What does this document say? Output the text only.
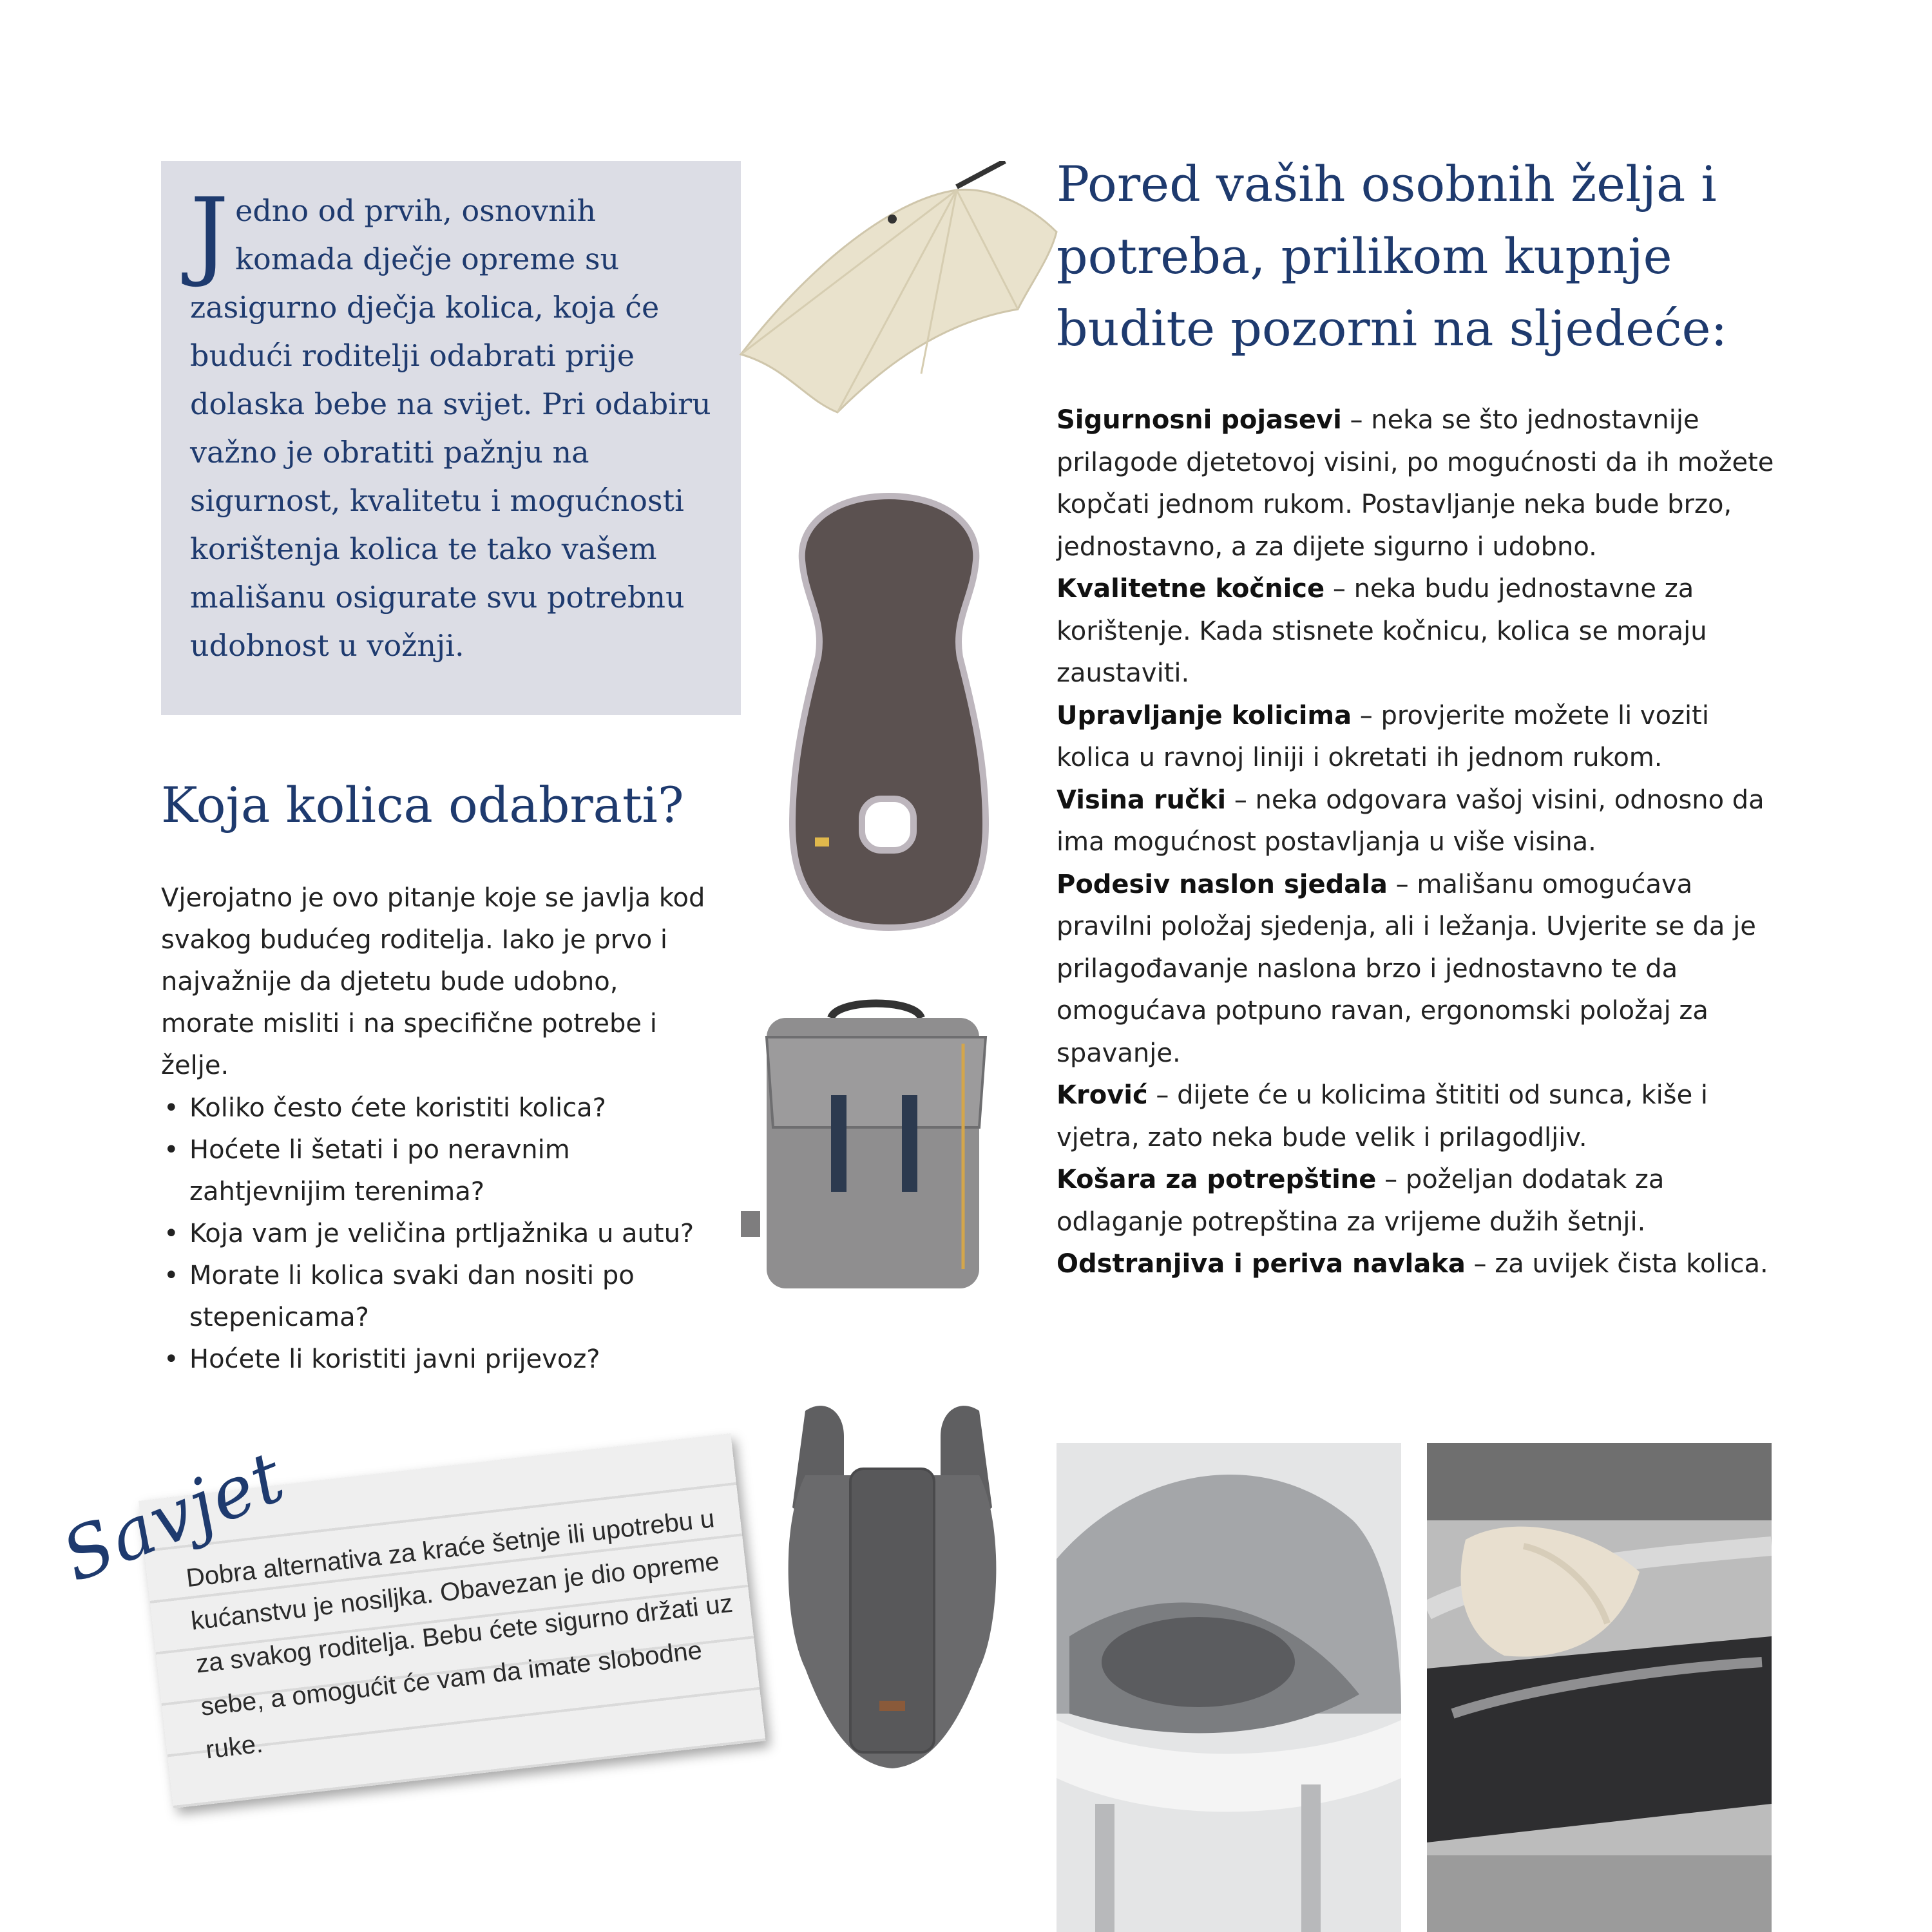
Jedno od prvih, osnovnih komada dječje opreme su zasigurno dječja kolica, koja će budući roditelji odabrati prije dolaska bebe na svijet. Pri odabiru važno je obratiti pažnju na sigurnost, kvalitetu i mogućnosti korištenja kolica te tako vašem mališanu osigurate svu potrebnu udobnost u vožnji.

Koja kolica odabrati?

Vjerojatno je ovo pitanje koje se javlja kod svakog budućeg roditelja. Iako je prvo i najvažnije da djetetu bude udobno, morate misliti i na specifične potrebe i želje.

• Koliko često ćete koristiti kolica?
• Hoćete li šetati i po neravnim zahtjevnijim terenima?
• Koja vam je veličina prtljažnika u autu?
• Morate li kolica svaki dan nositi po stepenicama?
• Hoćete li koristiti javni prijevoz?
Pored vaših osobnih želja i potreba, prilikom kupnje budite pozorni na sljedeće:

Sigurnosni pojasevi – neka se što jednostavnije prilagode djetetovoj visini, po mogućnosti da ih možete kopčati jednom rukom. Postavljanje neka bude brzo, jednostavno, a za dijete sigurno i udobno.

Kvalitetne kočnice – neka budu jednostavne za korištenje. Kada stisnete kočnicu, kolica se moraju zaustaviti.

Upravljanje kolicima – provjerite možete li voziti kolica u ravnoj liniji i okretati ih jednom rukom.

Visina ručki – neka odgovara vašoj visini, odnosno da ima mogućnost postavljanja u više visina.

Podesiv naslon sjedala – mališanu omogućava pravilni položaj sjedenja, ali i ležanja. Uvjerite se da je prilagođavanje naslona brzo i jednostavno te da omogućava potpuno ravan, ergonomski položaj za spavanje.

Krović – dijete će u kolicima štititi od sunca, kiše i vjetra, zato neka bude velik i prilagodljiv.

Košara za potrepštine – poželjan dodatak za odlaganje potrepština za vrijeme dužih šetnji.

Odstranjiva i periva navlaka – za uvijek čista kolica.

Dobra alternativa za kraće šetnje ili upotrebu u kućanstvu je nosiljka. Obavezan je dio opreme za svakog roditelja. Bebu ćete sigurno držati uz sebe, a omogućit će vam da imate slobodne ruke.

Savjet
